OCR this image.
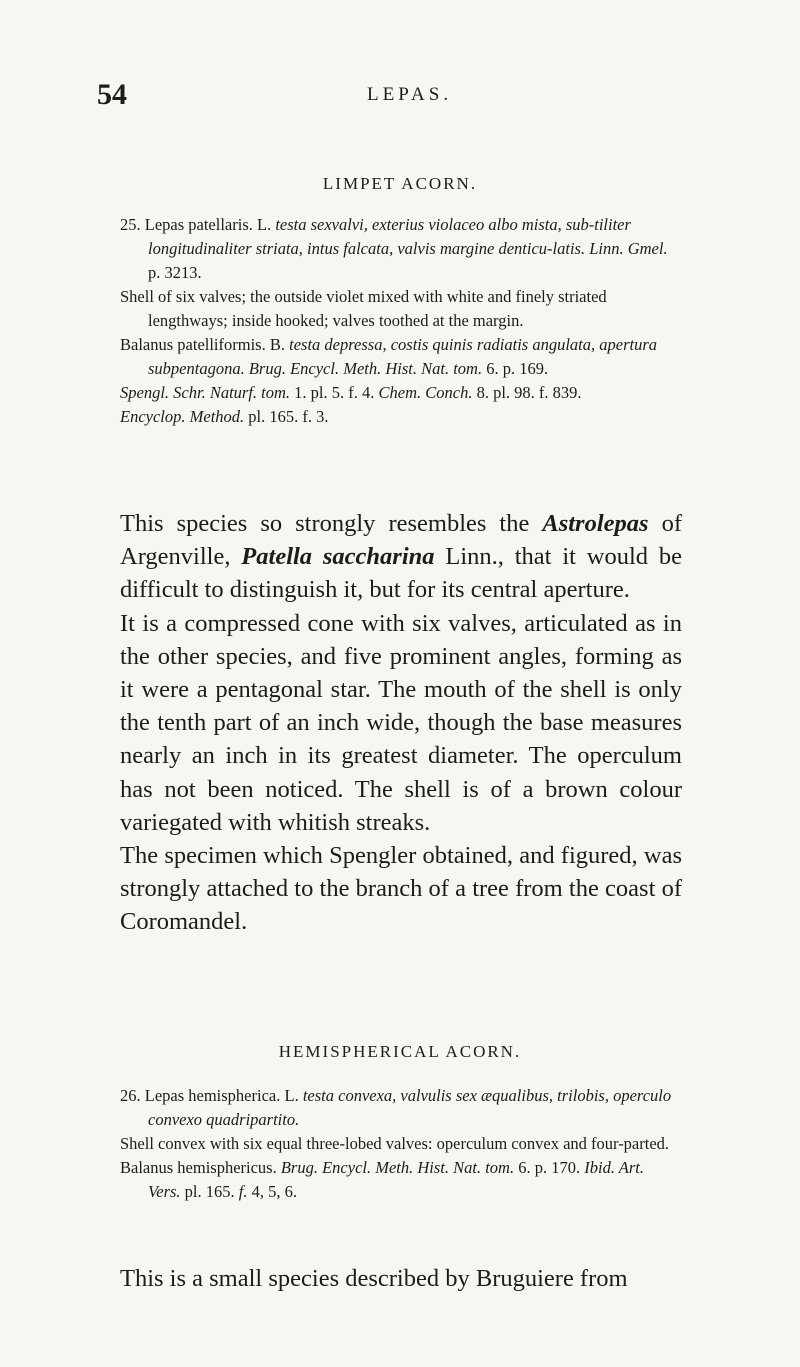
54	LEPAS.
LIMPET ACORN.

25. Lepas patellaris. L. testa sexvalvi, exterius violaceo albo mista, sub-tiliter longitudinaliter striata, intus falcata, valvis margine denticu-latis. Linn. Gmel. p. 3213.

Shell of six valves; the outside violet mixed with white and finely striated lengthways; inside hooked; valves toothed at the margin.

Balanus patelliformis. B. testa depressa, costis quinis radiatis angulata, apertura subpentagona. Brug. Encycl. Meth. Hist. Nat. tom. 6. p. 169.

Spengl. Schr. Naturf. tom. 1. pl. 5. f. 4. Chem. Conch. 8. pl. 98. f. 839.

Encyclop. Method. pl. 165. f. 3.

This species so strongly resembles the Astrolepas of Argenville, Patella saccharina Linn., that it would be difficult to distinguish it, but for its central aperture.

It is a compressed cone with six valves, articulated as in the other species, and five prominent angles, forming as it were a pentagonal star. The mouth of the shell is only the tenth part of an inch wide, though the base measures nearly an inch in its greatest diameter. The operculum has not been noticed. The shell is of a brown colour variegated with whitish streaks.

The specimen which Spengler obtained, and figured, was strongly attached to the branch of a tree from the coast of Coromandel.

HEMISPHERICAL ACORN.

26. Lepas hemispherica. L. testa convexa, valvulis sex æqualibus, trilobis, operculo convexo quadripartito.

Shell convex with six equal three-lobed valves: operculum convex and four-parted.

Balanus hemisphericus. Brug. Encycl. Meth. Hist. Nat. tom. 6. p. 170. Ibid. Art. Vers. pl. 165. f. 4, 5, 6.

This is a small species described by Bruguiere from
